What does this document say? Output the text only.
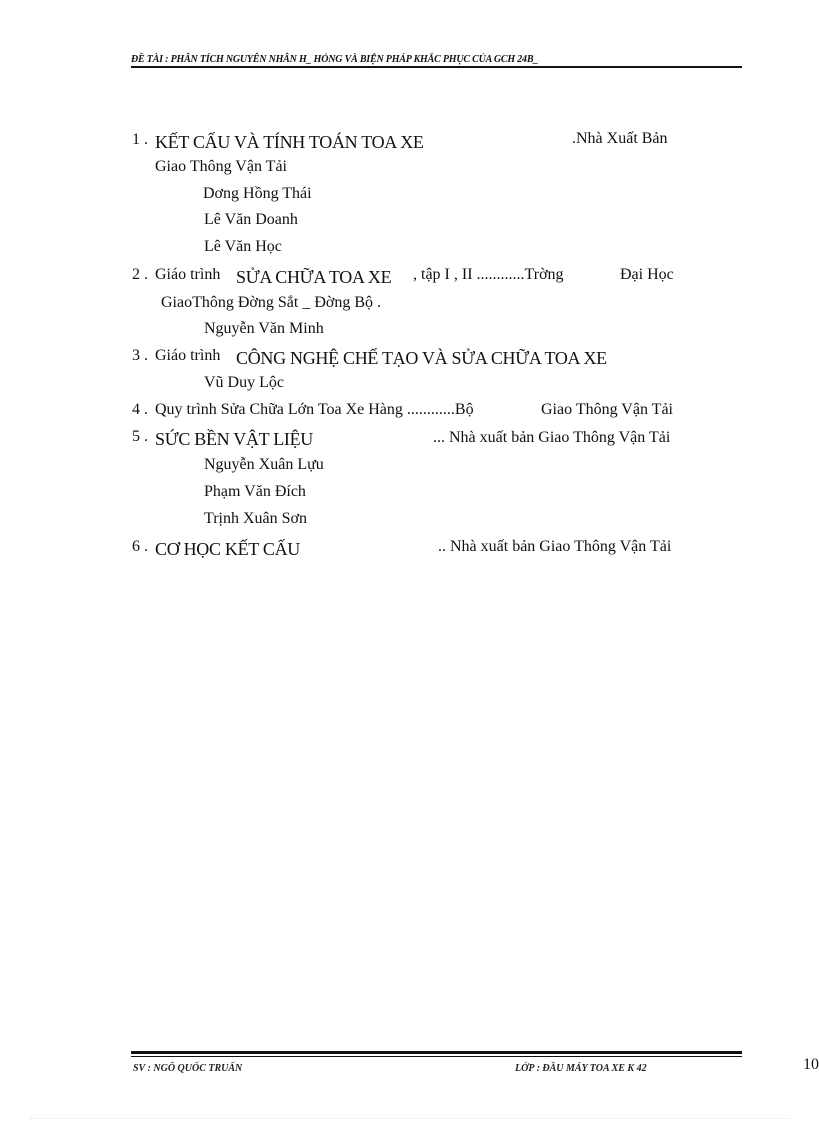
ĐỀ TÀI : PHÂN TÍCH NGUYÊN NHÂN H_ HỎNG VÀ BIỆN PHÁP KHẮC PHỤC CỦA GCH 24B_
1 . KẾT CẤU VÀ TÍNH TOÁN TOA XE	.Nhà Xuất Bản
Giao Thông Vận Tải
Dơng Hồng Thái
Lê Văn Doanh
Lê Văn Học
2 . Giáo trình SỬA CHỮA TOA XE , tập I , II ............Trờng	Đại Học
GiaoThông Đờng Sắt _ Đờng Bộ .
Nguyễn Văn Minh
3 . Giáo trình CÔNG NGHỆ CHẾ TẠO VÀ SỬA CHỮA TOA XE
Vũ Duy Lộc
4 . Quy trình Sửa Chữa Lớn Toa Xe Hàng ............Bộ	Giao Thông Vận Tải
5 . SỨC BỀN VẬT LIỆU	... Nhà xuất bản Giao Thông Vận Tải
Nguyễn Xuân Lựu
Phạm Văn Đích
Trịnh Xuân Sơn
6 . CƠ HỌC KẾT CẤU	.. Nhà xuất bản Giao Thông Vận Tải
SV : NGÔ QUỐC TRUẤN	LỚP : ĐẦU MÁY TOA XE K 42	10
